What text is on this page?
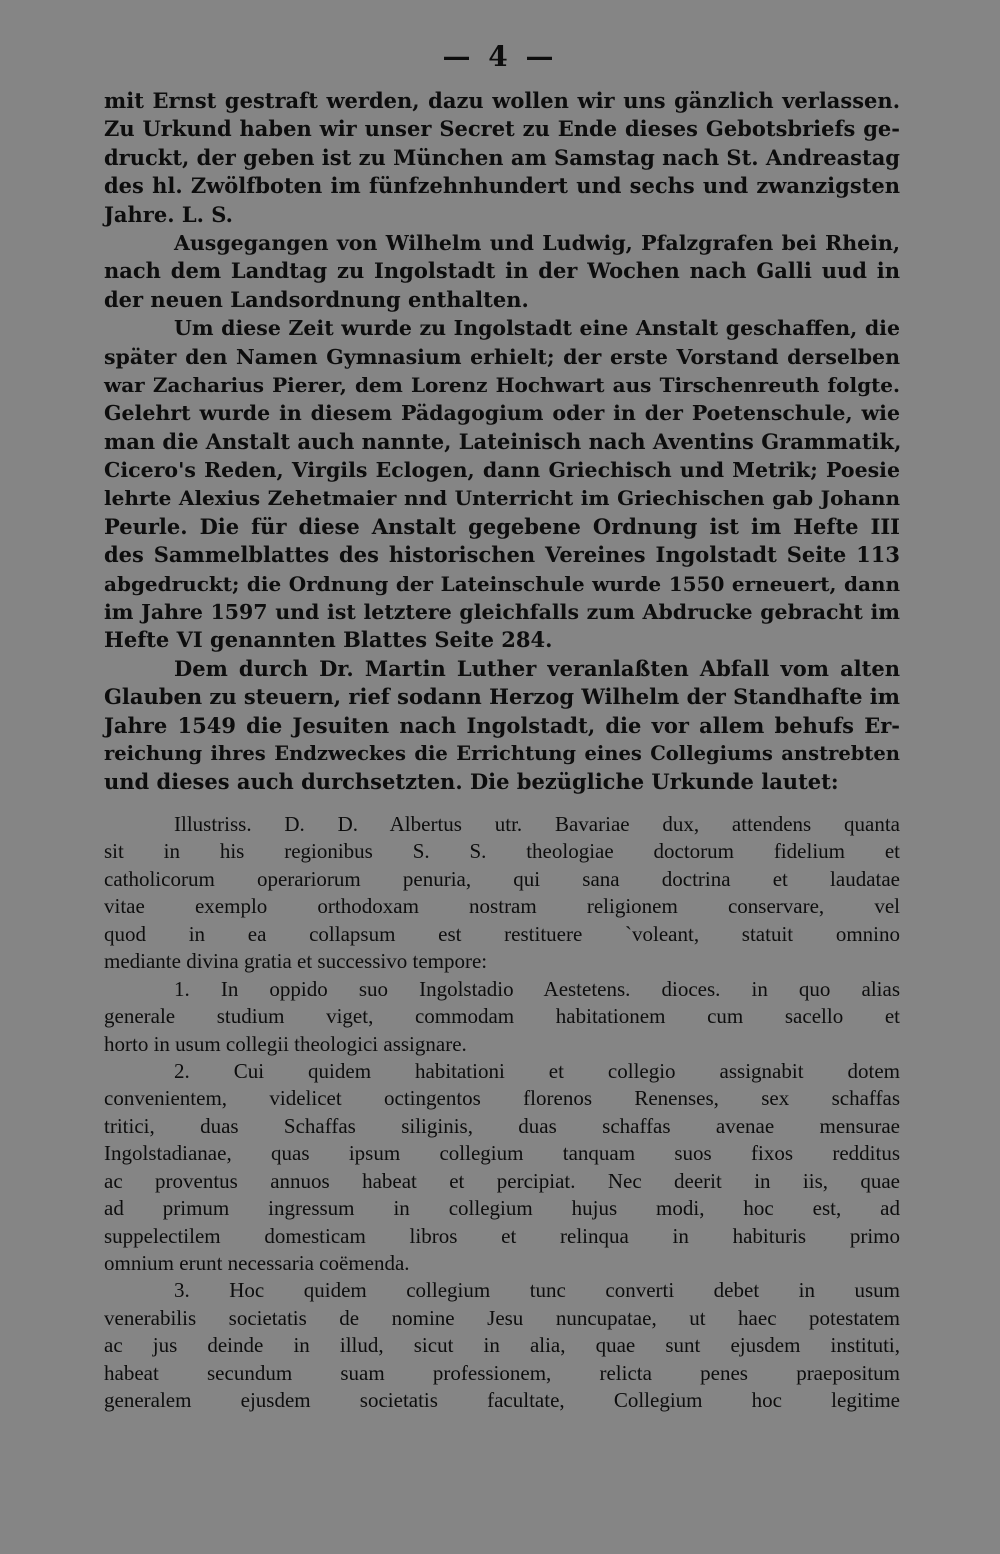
— 4 —
mit Ernst gestraft werden, dazu wollen wir uns gänzlich verlassen.
Zu Urkund haben wir unser Secret zu Ende dieses Gebotsbriefs ge-
druckt, der geben ist zu München am Samstag nach St. Andreastag
des hl. Zwölfboten im fünfzehnhundert und sechs und zwanzigsten
Jahre. L. S.
Ausgegangen von Wilhelm und Ludwig, Pfalzgrafen bei Rhein,
nach dem Landtag zu Ingolstadt in der Wochen nach Galli uud in
der neuen Landsordnung enthalten.
Um diese Zeit wurde zu Ingolstadt eine Anstalt geschaffen, die
später den Namen Gymnasium erhielt; der erste Vorstand derselben
war Zacharius Pierer, dem Lorenz Hochwart aus Tirschenreuth folgte.
Gelehrt wurde in diesem Pädagogium oder in der Poetenschule, wie
man die Anstalt auch nannte, Lateinisch nach Aventins Grammatik,
Cicero's Reden, Virgils Eclogen, dann Griechisch und Metrik; Poesie
lehrte Alexius Zehetmaier nnd Unterricht im Griechischen gab Johann
Peurle. Die für diese Anstalt gegebene Ordnung ist im Hefte III
des Sammelblattes des historischen Vereines Ingolstadt Seite 113
abgedruckt; die Ordnung der Lateinschule wurde 1550 erneuert, dann
im Jahre 1597 und ist letztere gleichfalls zum Abdrucke gebracht im
Hefte VI genannten Blattes Seite 284.
Dem durch Dr. Martin Luther veranlaßten Abfall vom alten
Glauben zu steuern, rief sodann Herzog Wilhelm der Standhafte im
Jahre 1549 die Jesuiten nach Ingolstadt, die vor allem behufs Er-
reichung ihres Endzweckes die Errichtung eines Collegiums anstrebten
und dieses auch durchsetzten. Die bezügliche Urkunde lautet:
Illustriss. D. D. Albertus utr. Bavariae dux, attendens quanta
sit in his regionibus S. S. theologiae doctorum fidelium et
catholicorum operariorum penuria, qui sana doctrina et laudatae
vitae exemplo orthodoxam nostram religionem conservare, vel
quod in ea collapsum est restituere `voleant, statuit omnino
mediante divina gratia et successivo tempore:
1. In oppido suo Ingolstadio Aestetens. dioces. in quo alias
generale studium viget, commodam habitationem cum sacello et
horto in usum collegii theologici assignare.
2. Cui quidem habitationi et collegio assignabit dotem
convenientem, videlicet octingentos florenos Renenses, sex schaffas
tritici, duas Schaffas siliginis, duas schaffas avenae mensurae
Ingolstadianae, quas ipsum collegium tanquam suos fixos redditus
ac proventus annuos habeat et percipiat. Nec deerit in iis, quae
ad primum ingressum in collegium hujus modi, hoc est, ad
suppelectilem domesticam libros et relinqua in habituris primo
omnium erunt necessaria coëmenda.
3. Hoc quidem collegium tunc converti debet in usum
venerabilis societatis de nomine Jesu nuncupatae, ut haec potestatem
ac jus deinde in illud, sicut in alia, quae sunt ejusdem instituti,
habeat secundum suam professionem, relicta penes praepositum
generalem ejusdem societatis facultate, Collegium hoc legitime
